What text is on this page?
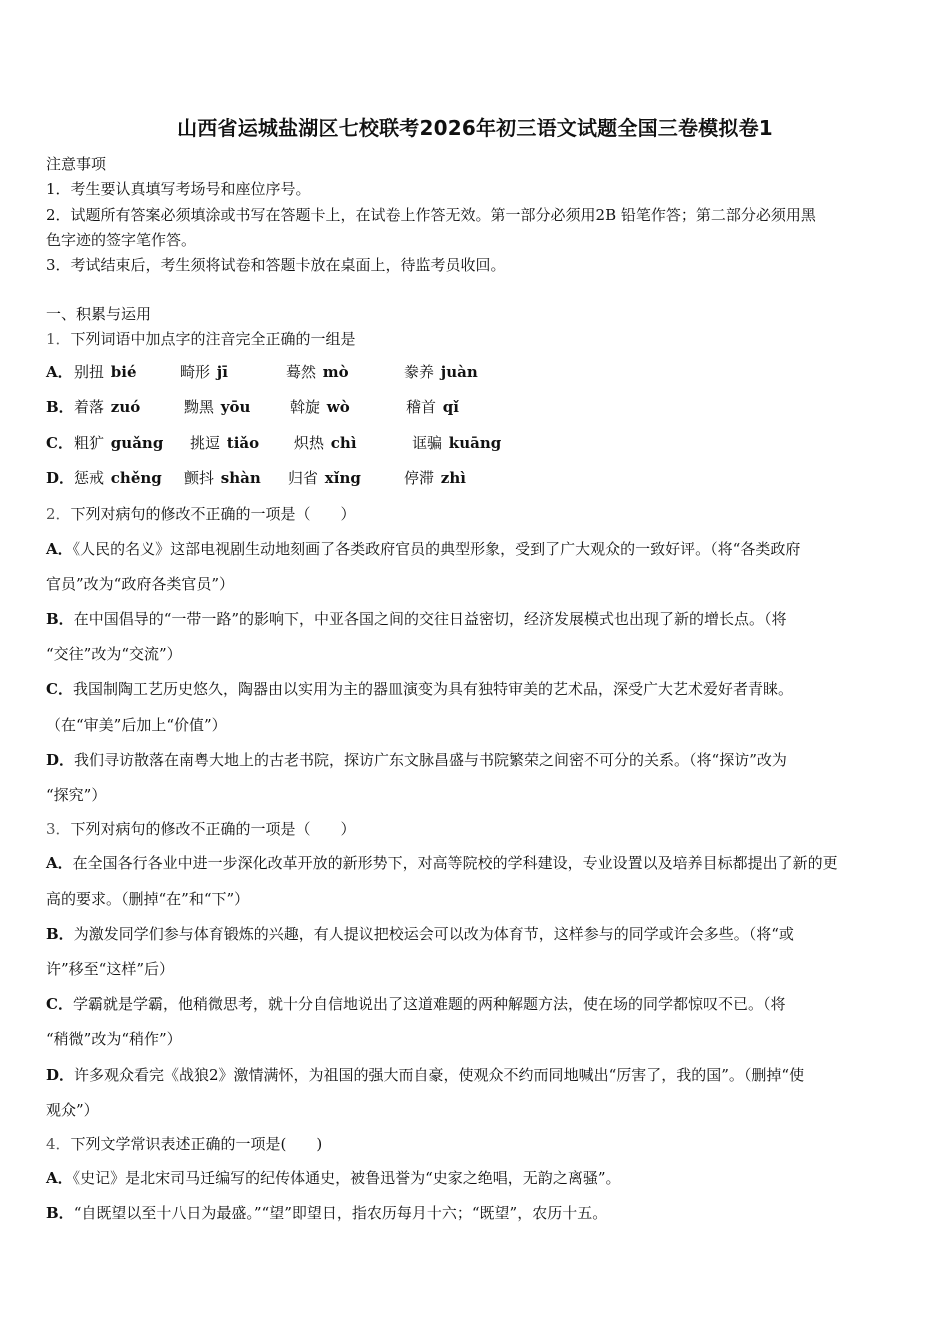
山西省运城盐湖区七校联考2026年初三语文试题全国三卷模拟卷1
注意事项
1．考生要认真填写考场号和座位序号。
2．试题所有答案必须填涂或书写在答题卡上，在试卷上作答无效。第一部分必须用2B 铅笔作答；第二部分必须用黑
色字迹的签字笔作答。
3．考试结束后，考生须将试卷和答题卡放在桌面上，待监考员收回。
一、积累与运用
1．下列词语中加点字的注音完全正确的一组是
A． 别扭 bié	畸形 jī	蓦然 mò	豢养 juàn
B． 着落 zuó	黝黑 yōu	斡旋 wò	稽首 qǐ
C． 粗犷 guǎng 挑逗 tiǎo 炽热 chì	诓骗 kuāng
D． 惩戒 chěng 颤抖 shàn 归省 xǐng	停滞 zhì
2．下列对病句的修改不正确的一项是（　　）
A．《人民的名义》这部电视剧生动地刻画了各类政府官员的典型形象，受到了广大观众的一致好评。（将“各类政府
官员”改为“政府各类官员”）
B．在中国倡导的“一带一路”的影响下，中亚各国之间的交往日益密切，经济发展模式也出现了新的增长点。（将
“交往”改为“交流”）
C．我国制陶工艺历史悠久，陶器由以实用为主的器皿演变为具有独特审美的艺术品，深受广大艺术爱好者青睐。
（在“审美”后加上“价值”）
D．我们寻访散落在南粤大地上的古老书院，探访广东文脉昌盛与书院繁荣之间密不可分的关系。（将“探访”改为
“探究”）
3．下列对病句的修改不正确的一项是（　　）
A．在全国各行各业中进一步深化改革开放的新形势下，对高等院校的学科建设，专业设置以及培养目标都提出了新的更
高的要求。（删掉“在”和“下”）
B．为激发同学们参与体育锻炼的兴趣，有人提议把校运会可以改为体育节，这样参与的同学或许会多些。（将“或
许”移至“这样”后）
C．学霸就是学霸，他稍微思考，就十分自信地说出了这道难题的两种解题方法，使在场的同学都惊叹不已。（将
“稍微”改为“稍作”）
D．许多观众看完《战狼2》激情满怀，为祖国的强大而自豪，使观众不约而同地喊出“厉害了，我的国”。（删掉“使
观众”）
4．下列文学常识表述正确的一项是(　　)
A．《史记》是北宋司马迁编写的纪传体通史，被鲁迅誉为“史家之绝唱，无韵之离骚”。
B．“自既望以至十八日为最盛。”“望”即望日，指农历每月十六；“既望”，农历十五。
